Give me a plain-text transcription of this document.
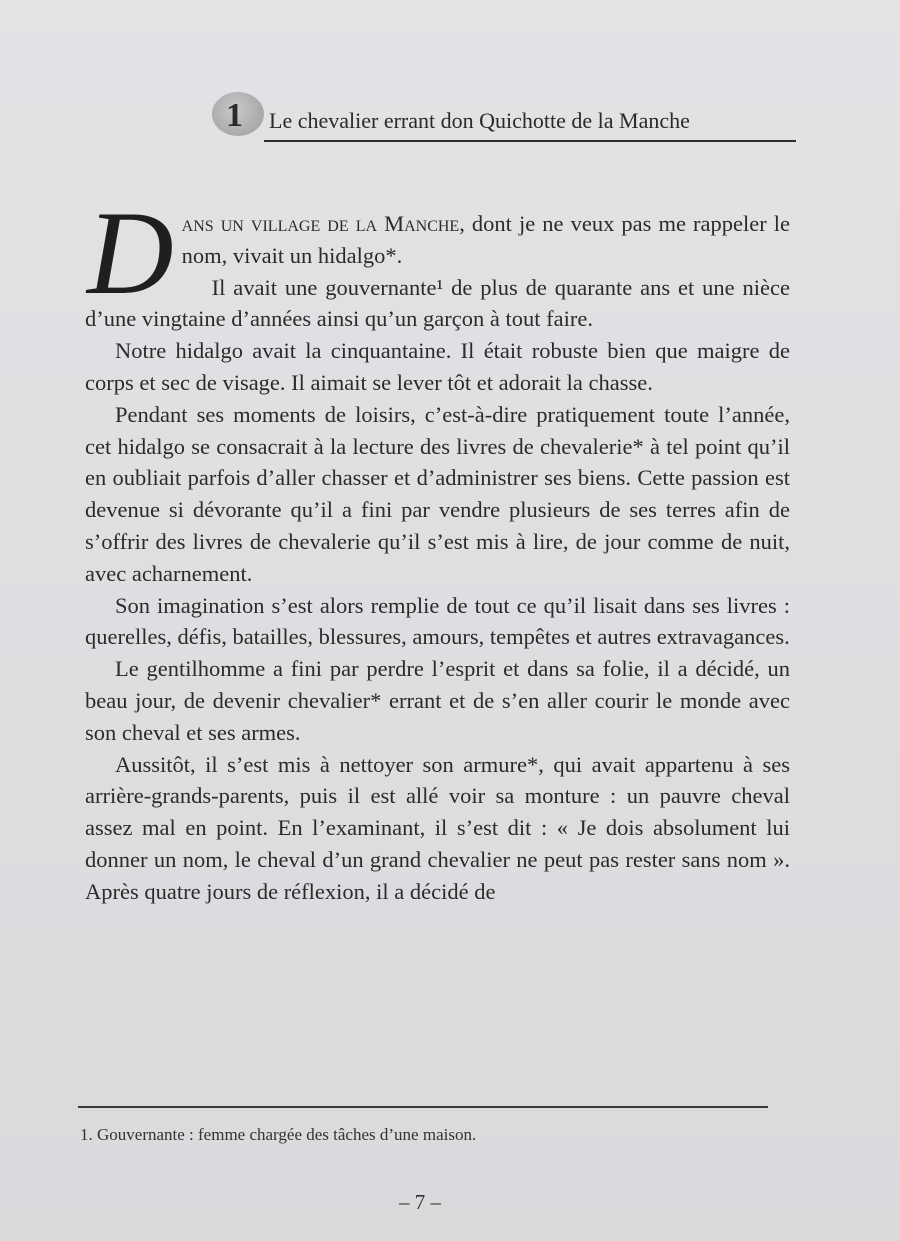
1 Le chevalier errant don Quichotte de la Manche

Dans un village de la Manche, dont je ne veux pas me rappeler le nom, vivait un hidalgo*.

Il avait une gouvernante¹ de plus de quarante ans et une nièce d’une vingtaine d’années ainsi qu’un garçon à tout faire.

Notre hidalgo avait la cinquantaine. Il était robuste bien que maigre de corps et sec de visage. Il aimait se lever tôt et adorait la chasse.

Pendant ses moments de loisirs, c’est-à-dire pratiquement toute l’année, cet hidalgo se consacrait à la lecture des livres de chevalerie* à tel point qu’il en oubliait parfois d’aller chasser et d’administrer ses biens. Cette passion est devenue si dévorante qu’il a fini par vendre plusieurs de ses terres afin de s’offrir des livres de chevalerie qu’il s’est mis à lire, de jour comme de nuit, avec acharnement.

Son imagination s’est alors remplie de tout ce qu’il lisait dans ses livres : querelles, défis, batailles, blessures, amours, tempêtes et autres extravagances.

Le gentilhomme a fini par perdre l’esprit et dans sa folie, il a décidé, un beau jour, de devenir chevalier* errant et de s’en aller courir le monde avec son cheval et ses armes.

Aussitôt, il s’est mis à nettoyer son armure*, qui avait appartenu à ses arrière-grands-parents, puis il est allé voir sa monture : un pauvre cheval assez mal en point. En l’examinant, il s’est dit : « Je dois absolument lui donner un nom, le cheval d’un grand chevalier ne peut pas rester sans nom ». Après quatre jours de réflexion, il a décidé de

1. Gouvernante : femme chargée des tâches d’une maison.
– 7 –
